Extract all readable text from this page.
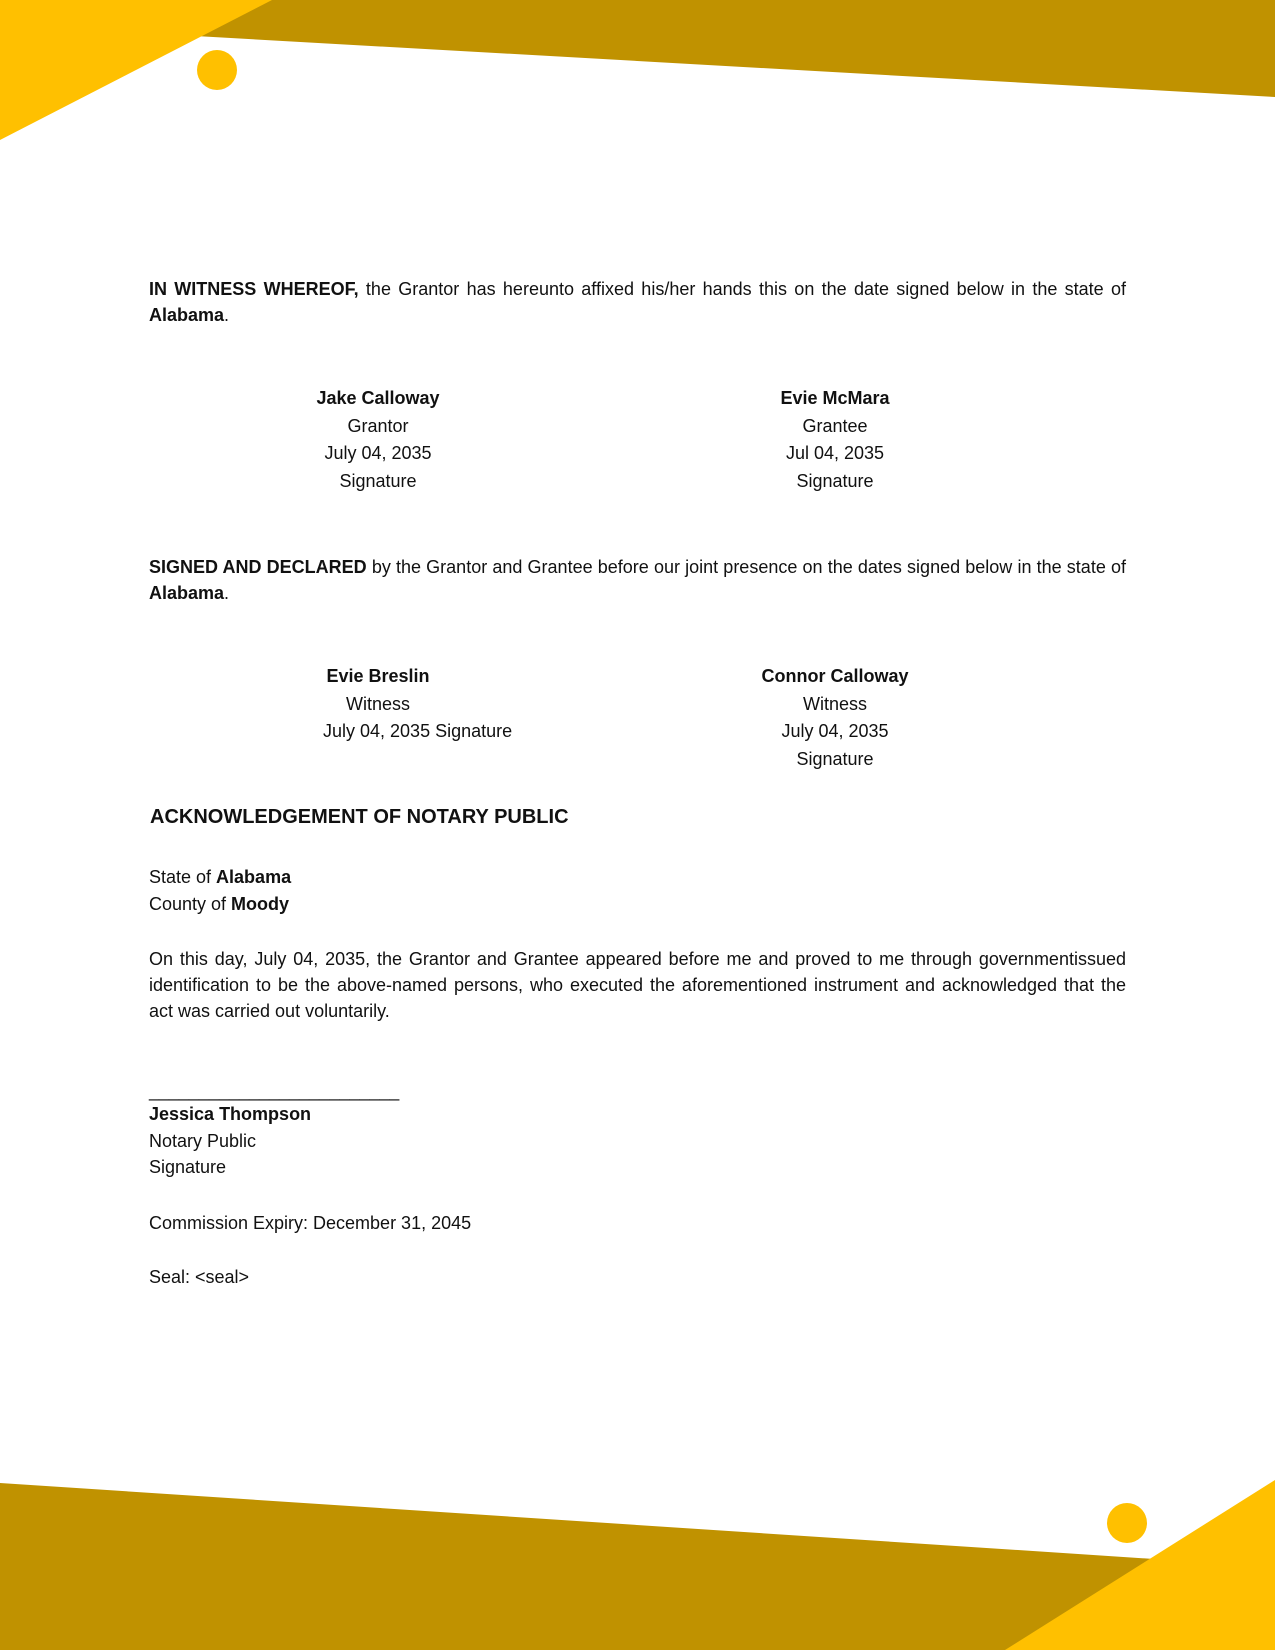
IN WITNESS WHEREOF, the Grantor has hereunto affixed his/her hands this on the date signed below in the state of Alabama.

Jake Calloway
Grantor
July 04, 2035
Signature
Evie McMara
Grantee
Jul 04, 2035
Signature

SIGNED AND DECLARED by the Grantor and Grantee before our joint presence on the dates signed below in the state of Alabama.

Evie Breslin
Witness
July 04, 2035 Signature
Connor Calloway
Witness
July 04, 2035
Signature
ACKNOWLEDGEMENT OF NOTARY PUBLIC
State of Alabama
County of Moody

On this day, July 04, 2035, the Grantor and Grantee appeared before me and proved to me through governmentissued identification to be the above-named persons, who executed the aforementioned instrument and acknowledged that the act was carried out voluntarily.

_________________________
Jessica Thompson
Notary Public
Signature
Commission Expiry: December 31, 2045
Seal: <seal>
